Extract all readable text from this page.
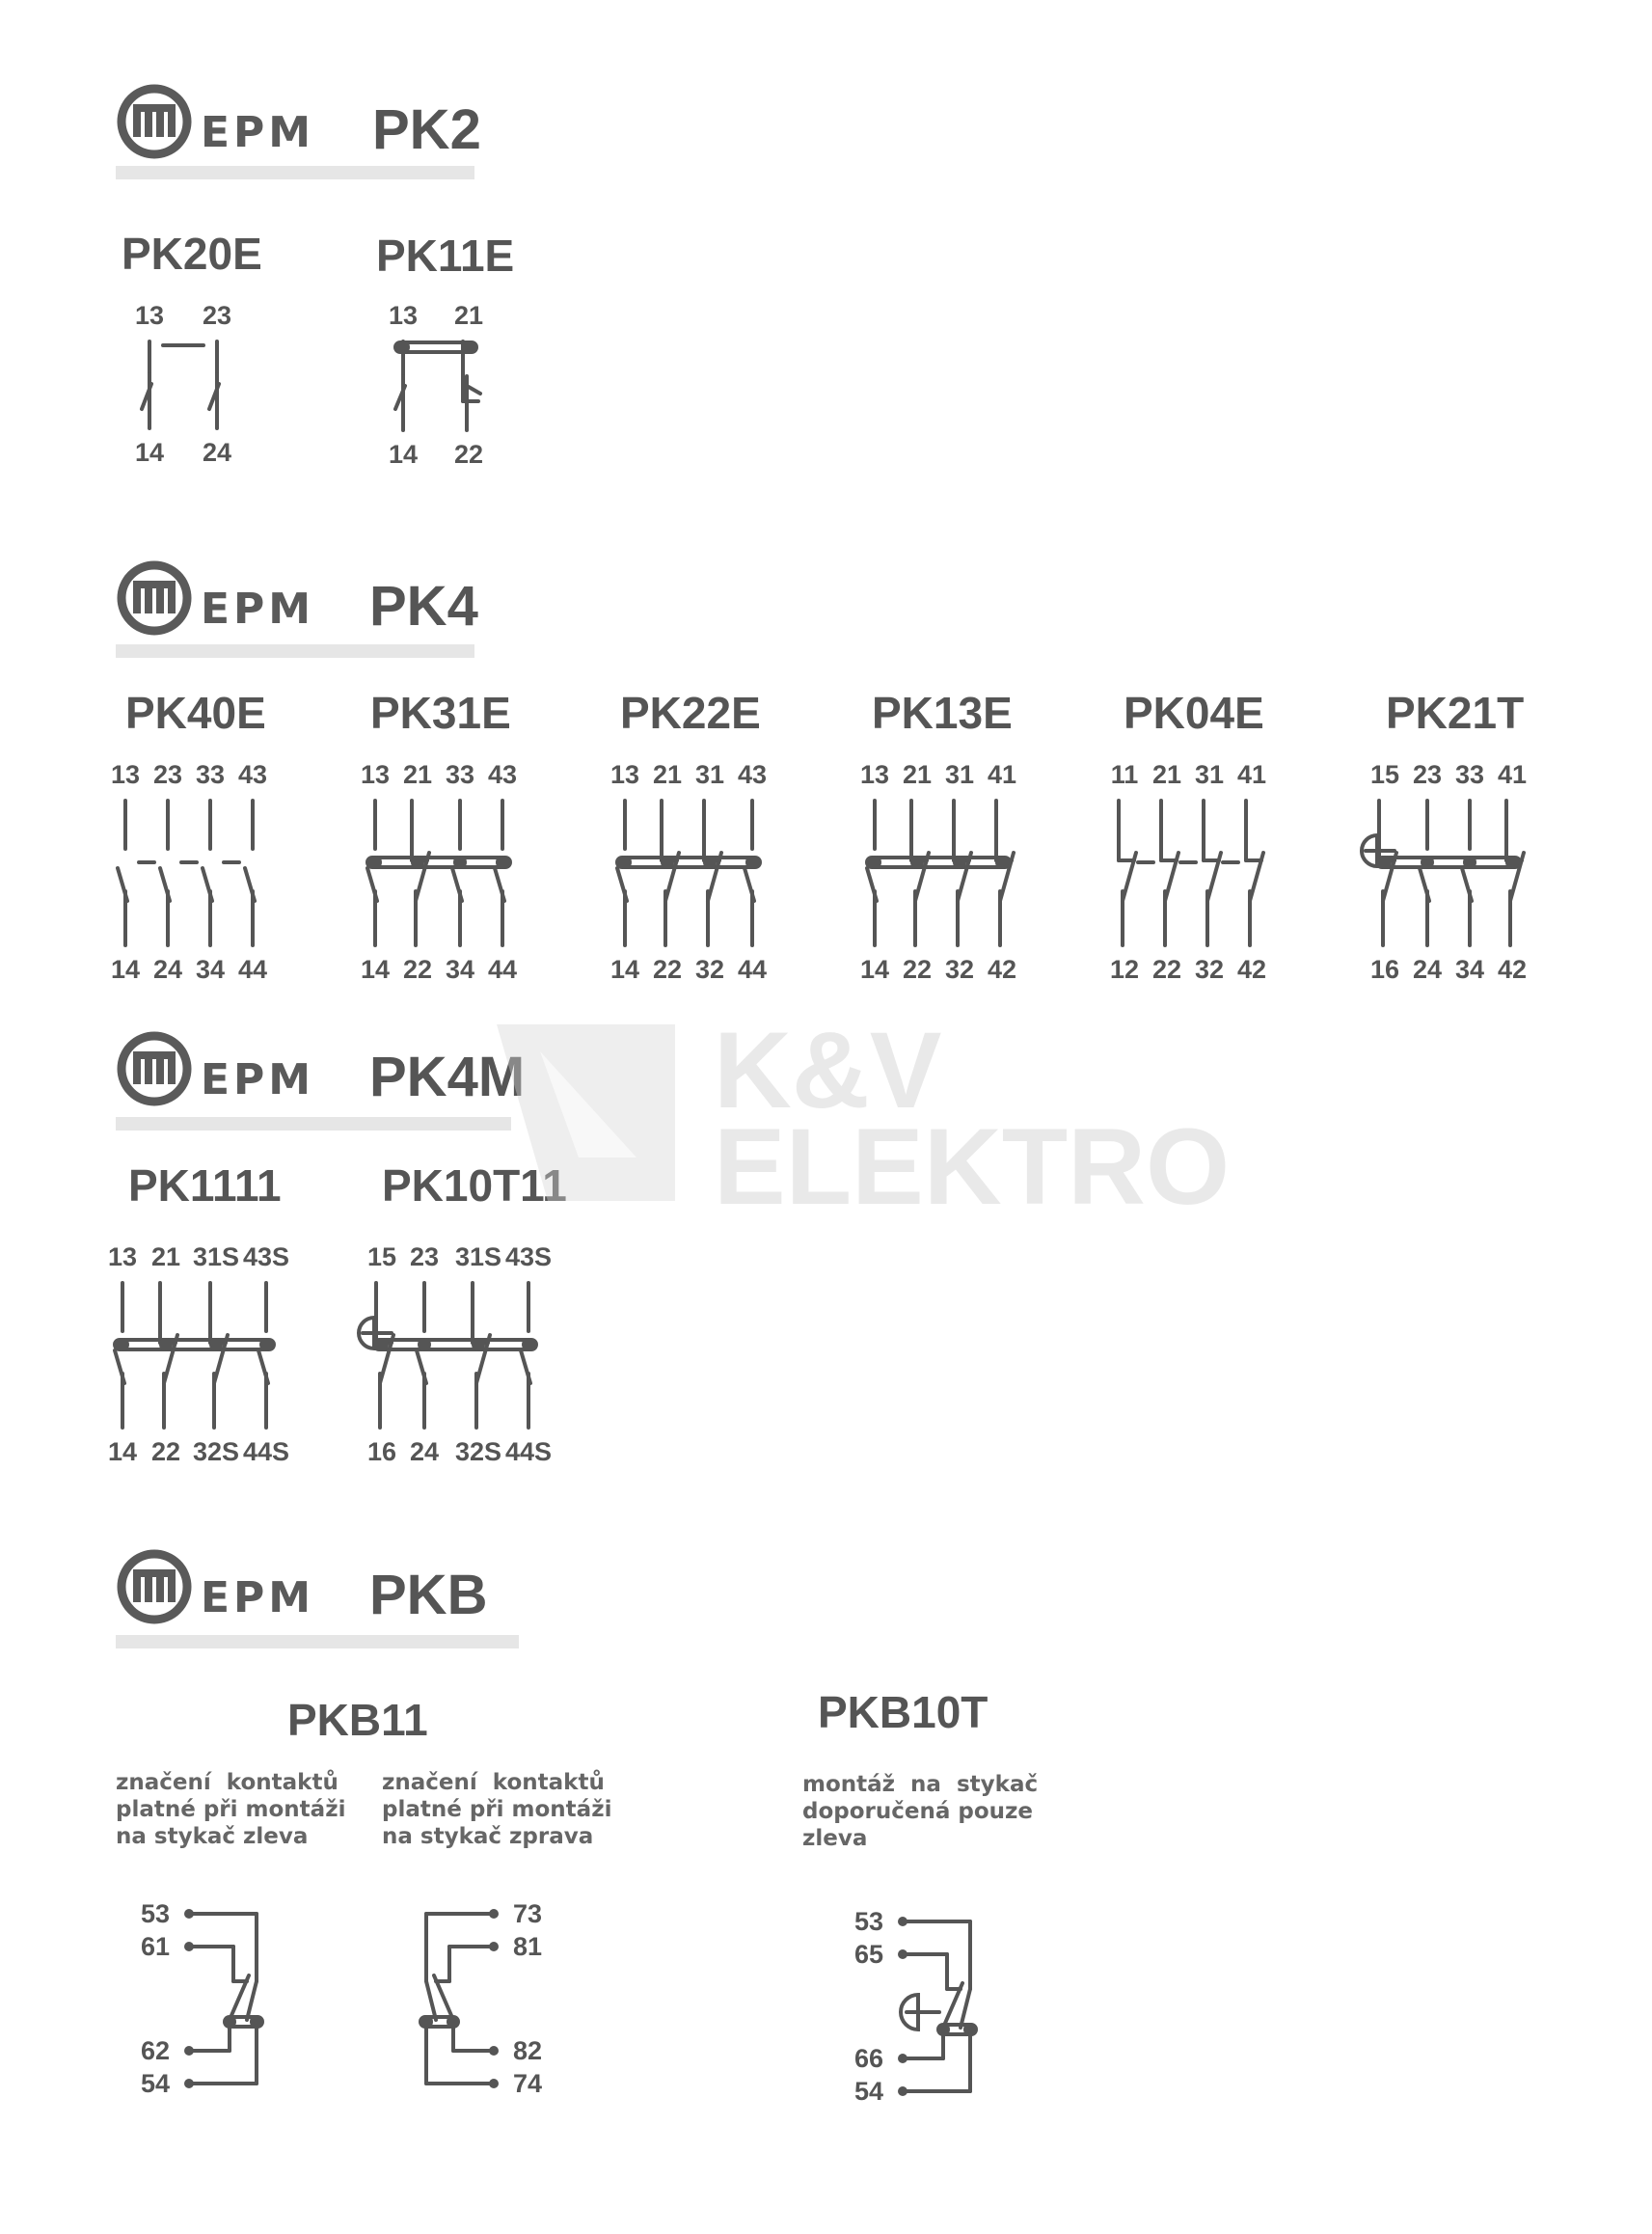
EPM PK2
EPM PK4
EPM PK4M
EPM PKB
PK20E	PK11E
PK40E PK31E PK22E	PK13E	PK04E	PK21T
PK1111 PK10T11
PKB11	PKB10T
značení  kontaktů
platné při montáži
na stykač zleva
značení  kontaktů
platné při montáži
na stykač zprava
montáž  na  stykač
doporučená pouze
zleva
K&V
ELEKTRO
13
14
23
24
13
14
21
22
13
14
23
24
33
34
43
44
13
14
21
22
33
34
43
44
13
14
21
22
31
32
43
44
13
14
21
22
31
32
41
42
11
12
21
22
31
32
41
42
15
16
23
24
33
34
41
42
13
14
21
22
31S
32S
43S
44S
15
16
23
24
31S
32S
43S
44S
53
61
62
54
73
81
82
74
53
65
66
54
